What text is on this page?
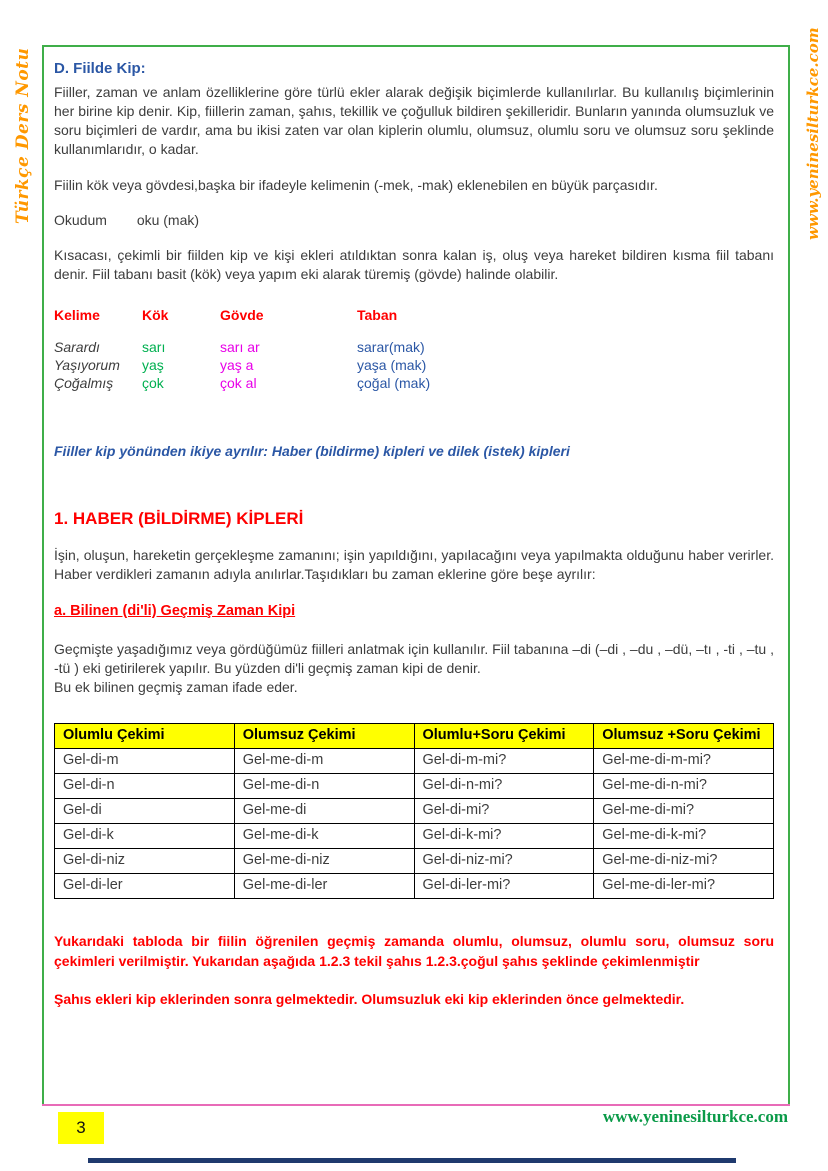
Türkçe Ders Notu	www.yeninesilturkce.com
D. Fiilde Kip:

Fiiller, zaman ve anlam özelliklerine göre türlü ekler alarak değişik biçimlerde kullanılırlar. Bu kullanılış biçimlerinin her birine kip denir. Kip, fiillerin zaman, şahıs, tekillik ve çoğulluk bildiren şekilleridir. Bunların yanında olumsuzluk ve soru biçimleri de vardır, ama bu ikisi zaten var olan kiplerin olumlu, olumsuz, olumlu soru ve olumsuz soru şeklinde kullanımlarıdır, o kadar.

Fiilin kök veya gövdesi,başka bir ifadeyle kelimenin (-mek, -mak) eklenebilen en büyük parçasıdır.

Okudum oku (mak)

Kısacası, çekimli bir fiilden kip ve kişi ekleri atıldıktan sonra kalan iş, oluş veya hareket bildiren kısma fiil tabanı denir. Fiil tabanı basit (kök) veya yapım eki alarak türemiş (gövde) halinde olabilir.

Kelime	Kök	Gövde	Taban
Sarardı	sarı	sarı ar	sarar(mak)
Yaşıyorum	yaş	yaş a	yaşa (mak)
Çoğalmış	çok	çok al	çoğal (mak)

Fiiller kip yönünden ikiye ayrılır: Haber (bildirme) kipleri ve dilek (istek) kipleri

1. HABER (BİLDİRME) KİPLERİ

İşin, oluşun, hareketin gerçekleşme zamanını; işin yapıldığını, yapılacağını veya yapılmakta olduğunu haber verirler. Haber verdikleri zamanın adıyla anılırlar.Taşıdıkları bu zaman eklerine göre beşe ayrılır:

a. Bilinen (di'li) Geçmiş Zaman Kipi

Geçmişte yaşadığımız veya gördüğümüz fiilleri anlatmak için kullanılır. Fiil tabanına –di (–di , –du , –dü, –tı , -ti , –tu , -tü ) eki getirilerek yapılır. Bu yüzden di'li geçmiş zaman kipi de denir.

Bu ek bilinen geçmiş zaman ifade eder.

Olumlu Çekimi	Olumsuz Çekimi	Olumlu+Soru Çekimi	Olumsuz +Soru Çekimi
Gel-di-m	Gel-me-di-m	Gel-di-m-mi?	Gel-me-di-m-mi?
Gel-di-n	Gel-me-di-n	Gel-di-n-mi?	Gel-me-di-n-mi?
Gel-di	Gel-me-di	Gel-di-mi?	Gel-me-di-mi?
Gel-di-k	Gel-me-di-k	Gel-di-k-mi?	Gel-me-di-k-mi?
Gel-di-niz	Gel-me-di-niz	Gel-di-niz-mi?	Gel-me-di-niz-mi?
Gel-di-ler	Gel-me-di-ler	Gel-di-ler-mi?	Gel-me-di-ler-mi?

Yukarıdaki tabloda bir fiilin öğrenilen geçmiş zamanda olumlu, olumsuz, olumlu soru, olumsuz soru çekimleri verilmiştir. Yukarıdan aşağıda 1.2.3 tekil şahıs 1.2.3.çoğul şahıs şeklinde çekimlenmiştir

Şahıs ekleri kip eklerinden sonra gelmektedir. Olumsuzluk eki kip eklerinden önce gelmektedir.

3
www.yeninesilturkce.com
